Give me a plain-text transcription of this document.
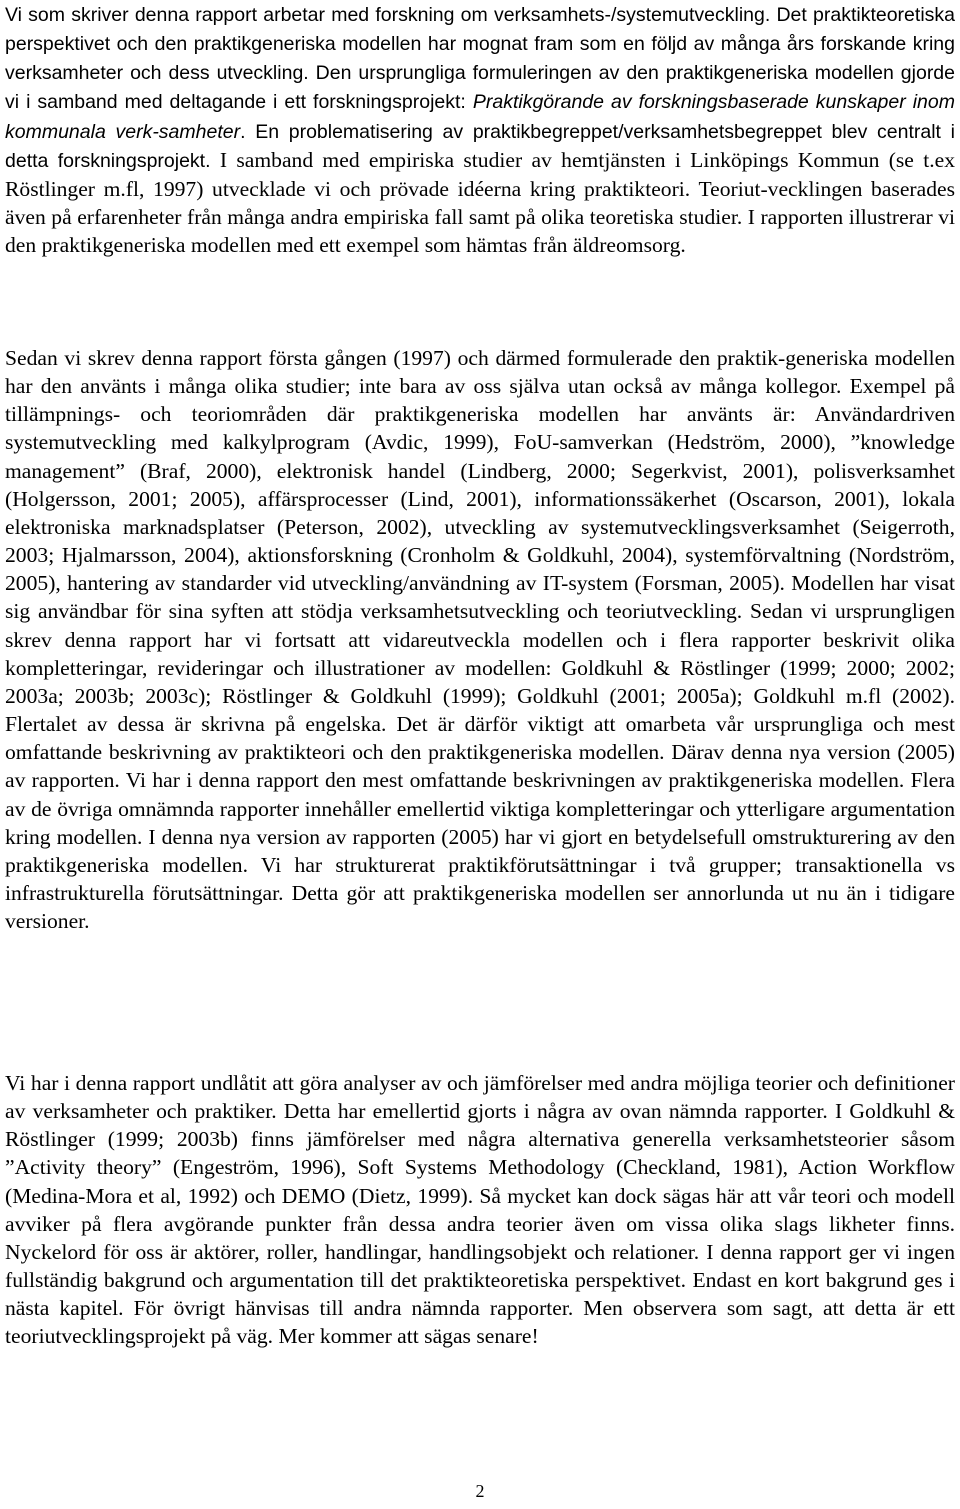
Vi som skriver denna rapport arbetar med forskning om verksamhets-/systemutveckling. Det praktikteoretiska perspektivet och den praktikgeneriska modellen har mognat fram som en följd av många års forskande kring verksamheter och dess utveckling. Den ursprungliga formuleringen av den praktikgeneriska modellen gjorde vi i samband med deltagande i ett forskningsprojekt: Praktikgörande av forskningsbaserade kunskaper inom kommunala verk-samheter. En problematisering av praktikbegreppet/verksamhetsbegreppet blev centralt i detta forskningsprojekt. I samband med empiriska studier av hemtjänsten i Linköpings Kommun (se t.ex Röstlinger m.fl, 1997) utvecklade vi och prövade idéerna kring praktikteori. Teoriut-vecklingen baserades även på erfarenheter från många andra empiriska fall samt på olika teoretiska studier. I rapporten illustrerar vi den praktikgeneriska modellen med ett exempel som hämtas från äldreomsorg.

Sedan vi skrev denna rapport första gången (1997) och därmed formulerade den praktik-generiska modellen har den använts i många olika studier; inte bara av oss själva utan också av många kollegor. Exempel på tillämpnings- och teoriområden där praktikgeneriska modellen har använts är: Användardriven systemutveckling med kalkylprogram (Avdic, 1999), FoU-samverkan (Hedström, 2000), ”knowledge management” (Braf, 2000), elektronisk handel (Lindberg, 2000; Segerkvist, 2001), polisverksamhet (Holgersson, 2001; 2005), affärsprocesser (Lind, 2001), informationssäkerhet (Oscarson, 2001), lokala elektroniska marknadsplatser (Peterson, 2002), utveckling av systemutvecklingsverksamhet (Seigerroth, 2003; Hjalmarsson, 2004), aktionsforskning (Cronholm & Goldkuhl, 2004), systemförvaltning (Nordström, 2005), hantering av standarder vid utveckling/användning av IT-system (Forsman, 2005). Modellen har visat sig användbar för sina syften att stödja verksamhetsutveckling och teoriutveckling. Sedan vi ursprungligen skrev denna rapport har vi fortsatt att vidareutveckla modellen och i flera rapporter beskrivit olika kompletteringar, revideringar och illustrationer av modellen: Goldkuhl & Röstlinger (1999; 2000; 2002; 2003a; 2003b; 2003c); Röstlinger & Goldkuhl (1999); Goldkuhl (2001; 2005a); Goldkuhl m.fl (2002). Flertalet av dessa är skrivna på engelska. Det är därför viktigt att omarbeta vår ursprungliga och mest omfattande beskrivning av praktikteori och den praktikgeneriska modellen. Därav denna nya version (2005) av rapporten. Vi har i denna rapport den mest omfattande beskrivningen av praktikgeneriska modellen. Flera av de övriga omnämnda rapporter innehåller emellertid viktiga kompletteringar och ytterligare argumentation kring modellen. I denna nya version av rapporten (2005) har vi gjort en betydelsefull omstrukturering av den praktikgeneriska modellen. Vi har strukturerat praktikförutsättningar i två grupper; transaktionella vs infrastrukturella förutsättningar. Detta gör att praktikgeneriska modellen ser annorlunda ut nu än i tidigare versioner.

Vi har i denna rapport undlåtit att göra analyser av och jämförelser med andra möjliga teorier och definitioner av verksamheter och praktiker. Detta har emellertid gjorts i några av ovan nämnda rapporter. I Goldkuhl & Röstlinger (1999; 2003b) finns jämförelser med några alternativa generella verksamhetsteorier såsom ”Activity theory” (Engeström, 1996), Soft Systems Methodology (Checkland, 1981), Action Workflow (Medina-Mora et al, 1992) och DEMO (Dietz, 1999). Så mycket kan dock sägas här att vår teori och modell avviker på flera avgörande punkter från dessa andra teorier även om vissa olika slags likheter finns. Nyckelord för oss är aktörer, roller, handlingar, handlingsobjekt och relationer. I denna rapport ger vi ingen fullständig bakgrund och argumentation till det praktikteoretiska perspektivet. Endast en kort bakgrund ges i nästa kapitel. För övrigt hänvisas till andra nämnda rapporter. Men observera som sagt, att detta är ett teoriutvecklingsprojekt på väg. Mer kommer att sägas senare!

2
